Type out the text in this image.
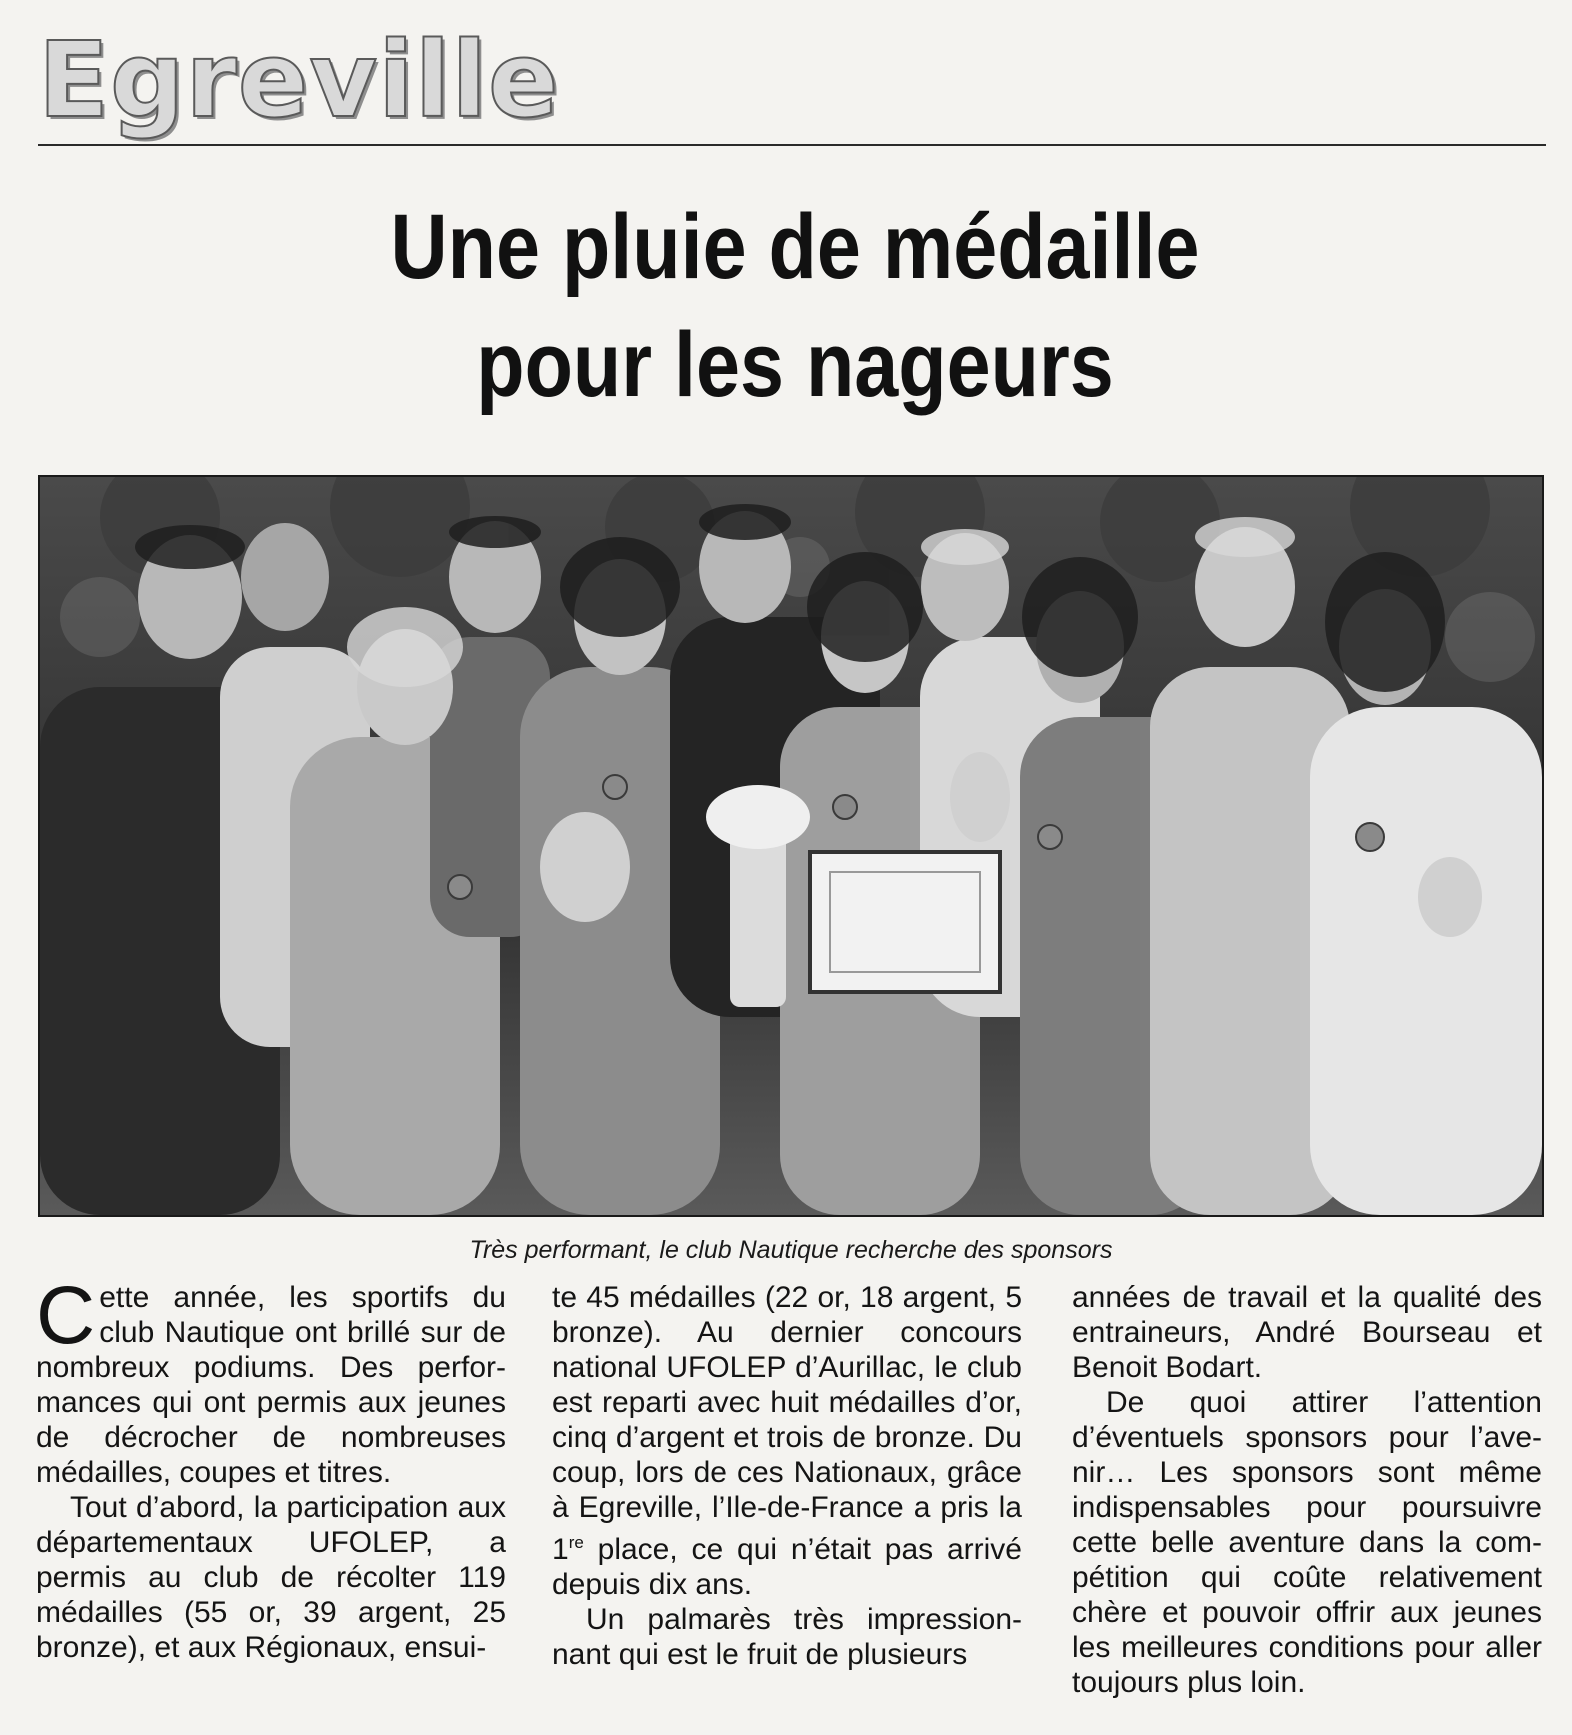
Egreville
Une pluie de médaille
pour les nageurs
Très performant, le club Nautique recherche des sponsors

Cette année, les sportifs du club Nautique ont brillé sur de nombreux podiums. Des performances qui ont permis aux jeunes de décrocher de nombreuses médailles, coupes et titres.

Tout d’abord, la participation aux départementaux UFOLEP, a permis au club de récolter 119 médailles (55 or, 39 argent, 25 bronze), et aux Régionaux, ensui-

te 45 médailles (22 or, 18 argent, 5 bronze). Au dernier concours national UFOLEP d’Aurillac, le club est reparti avec huit médailles d’or, cinq d’argent et trois de bronze. Du coup, lors de ces Nationaux, grâce à Egreville, l’Ile-de-France a pris la 1re place, ce qui n’était pas arrivé depuis dix ans.

Un palmarès très impressionnant qui est le fruit de plusieurs

années de travail et la qualité des entraineurs, André Bourseau et Benoit Bodart.

De quoi attirer l’attention d’éventuels sponsors pour l’avenir… Les sponsors sont même indispensables pour poursuivre cette belle aventure dans la compétition qui coûte relativement chère et pouvoir offrir aux jeunes les meilleures conditions pour aller toujours plus loin.
